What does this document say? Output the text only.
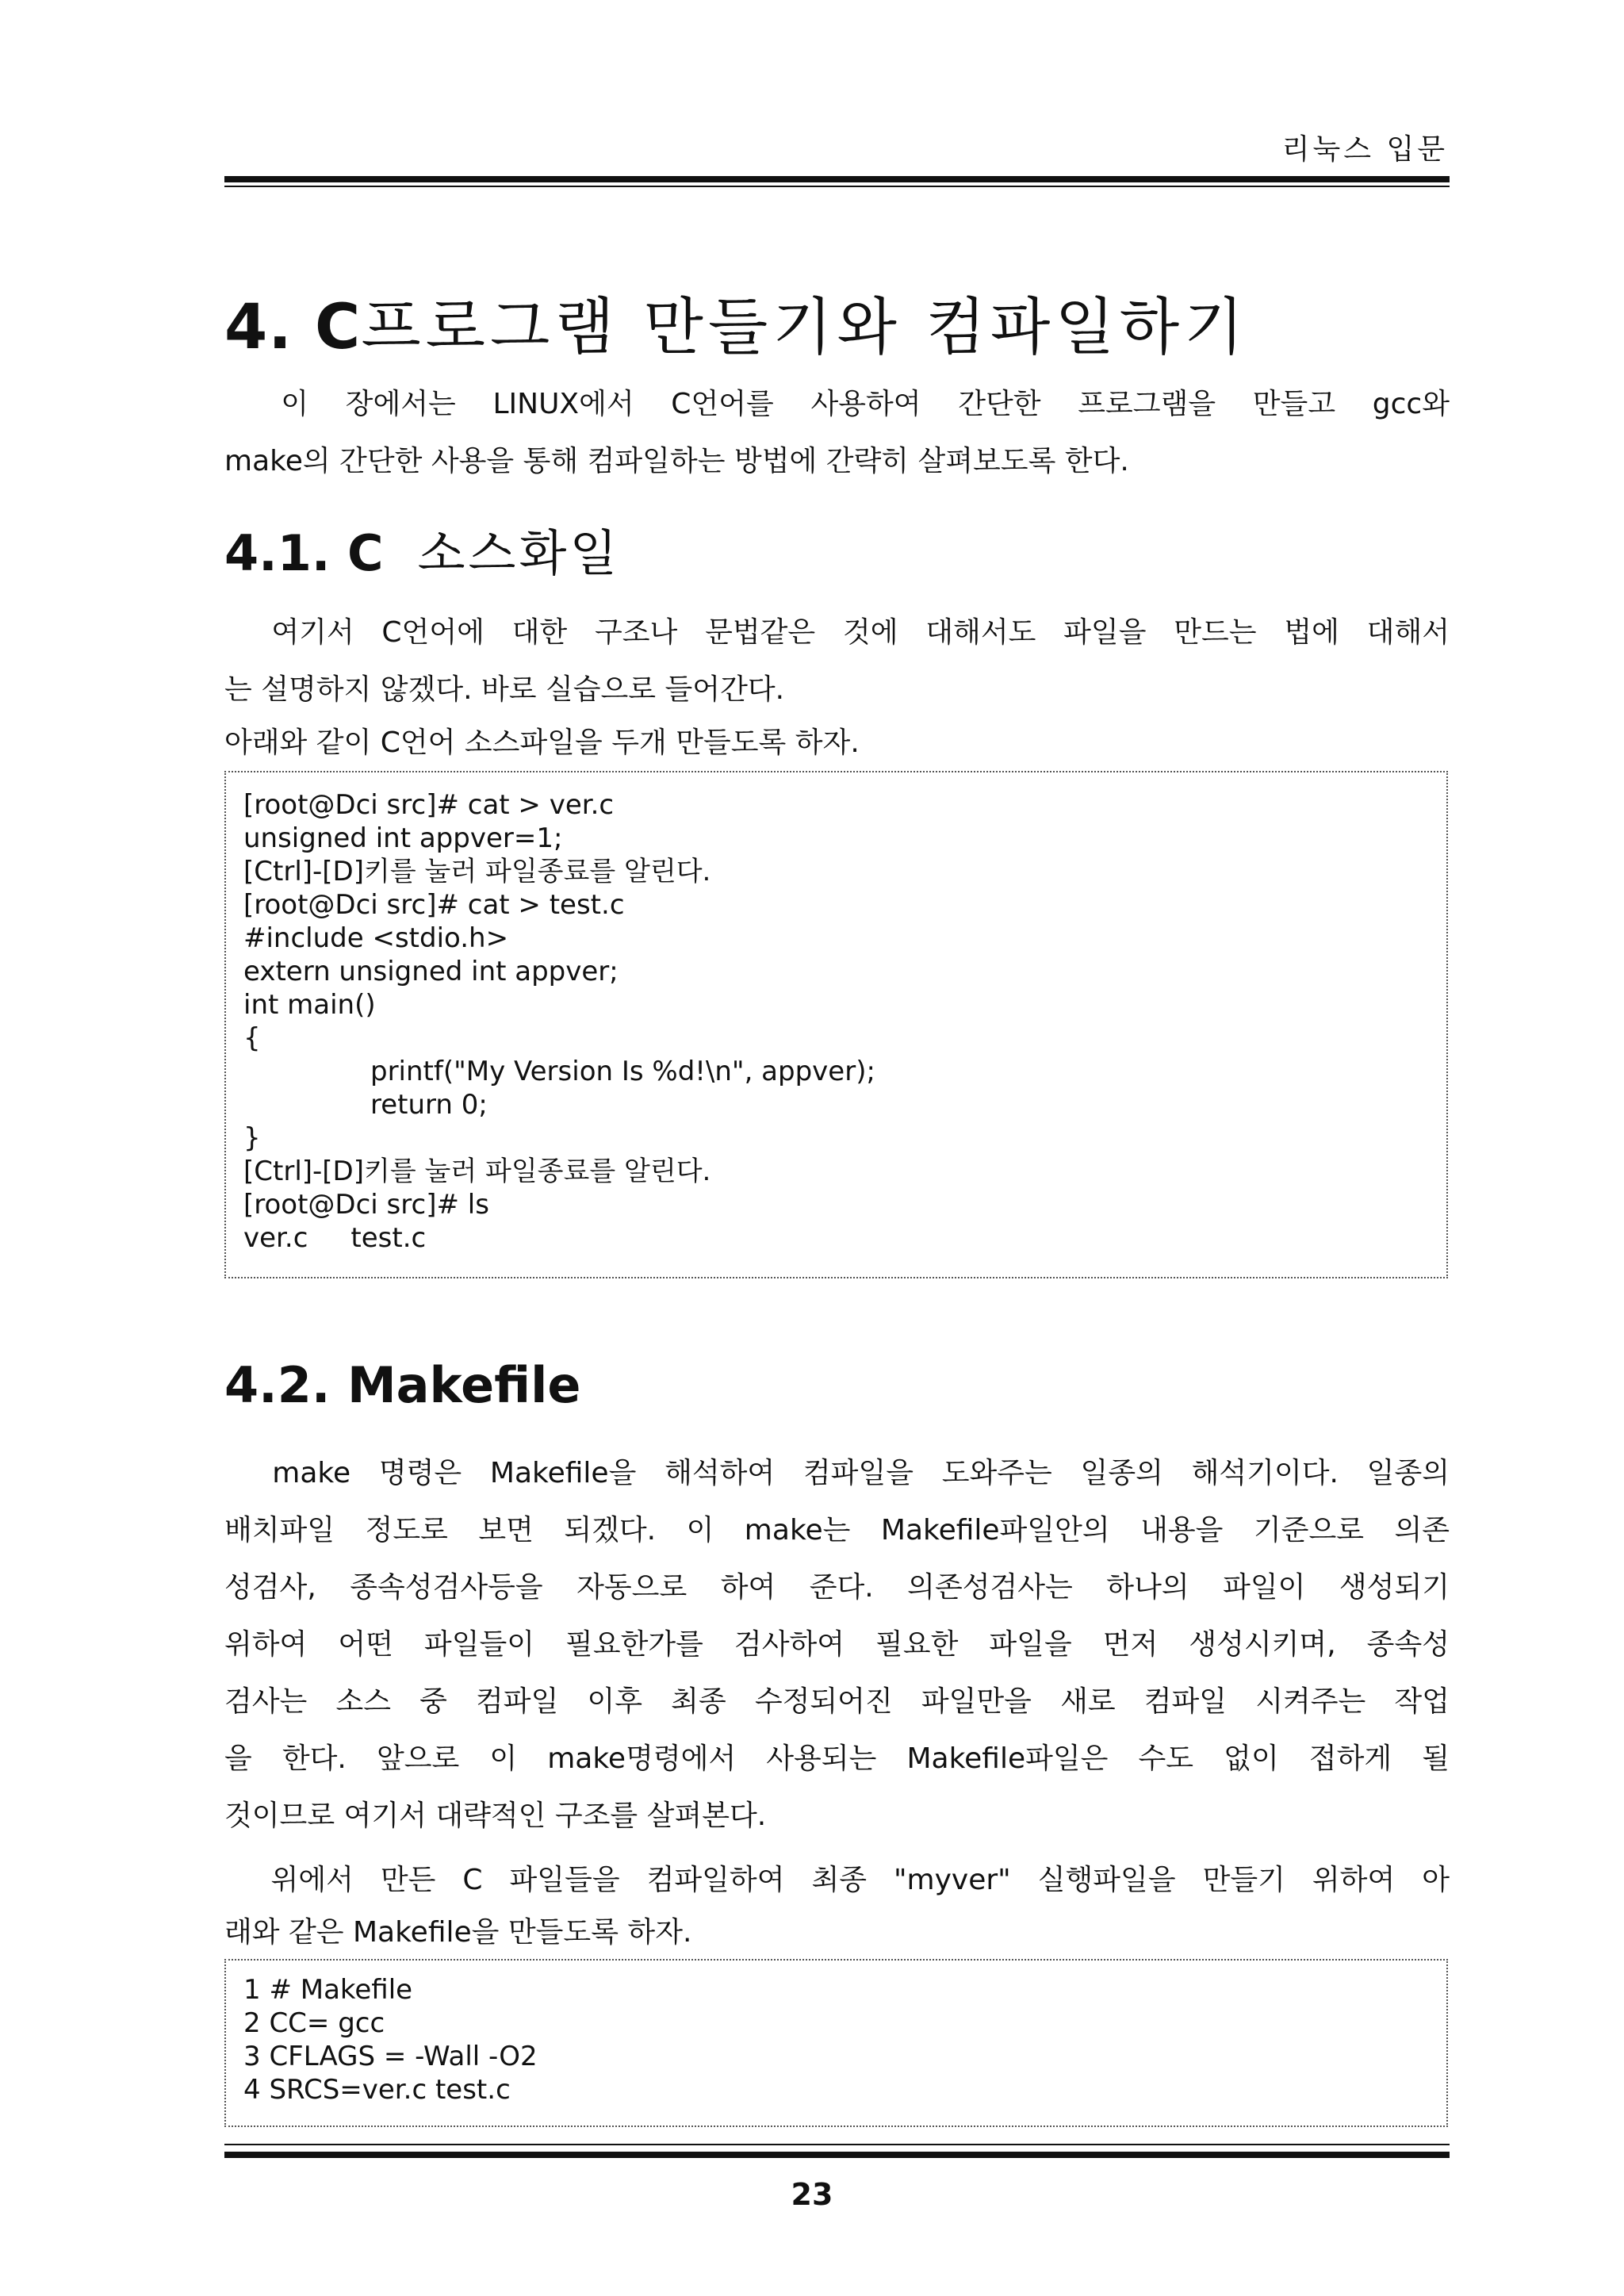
리눅스 입문
4. C프로그램 만들기와 컴파일하기
　이 장에서는 LINUX에서 C언어를 사용하여 간단한 프로그램을 만들고 gcc와
make의 간단한 사용을 통해 컴파일하는 방법에 간략히 살펴보도록 한다.
4.1. C 소스화일
　여기서 C언어에 대한 구조나 문법같은 것에 대해서도 파일을 만드는 법에 대해서
는 설명하지 않겠다. 바로 실습으로 들어간다.
아래와 같이 C언어 소스파일을 두개 만들도록 하자.
[root@Dci src]# cat > ver.c
unsigned int appver=1;
[Ctrl]-[D]키를 눌러 파일종료를 알린다.
[root@Dci src]# cat > test.c
#include <stdio.h>
extern unsigned int appver;
int main()
{
printf("My Version Is %d!\n", appver);
return 0;
}
[Ctrl]-[D]키를 눌러 파일종료를 알린다.
[root@Dci src]# ls
ver.c     test.c
4.2. Makefile
　make 명령은 Makefile을 해석하여 컴파일을 도와주는 일종의 해석기이다. 일종의
배치파일 정도로 보면 되겠다. 이 make는 Makefile파일안의 내용을 기준으로 의존
성검사, 종속성검사등을 자동으로 하여 준다. 의존성검사는 하나의 파일이 생성되기
위하여 어떤 파일들이 필요한가를 검사하여 필요한 파일을 먼저 생성시키며, 종속성
검사는 소스 중 컴파일 이후 최종 수정되어진 파일만을 새로 컴파일 시켜주는 작업
을 한다. 앞으로 이 make명령에서 사용되는 Makefile파일은 수도 없이 접하게 될
것이므로 여기서 대략적인 구조를 살펴본다.
　위에서 만든 C 파일들을 컴파일하여 최종 "myver" 실행파일을 만들기 위하여 아
래와 같은 Makefile을 만들도록 하자.
1 # Makefile
2 CC= gcc
3 CFLAGS = -Wall -O2
4 SRCS=ver.c test.c
23
